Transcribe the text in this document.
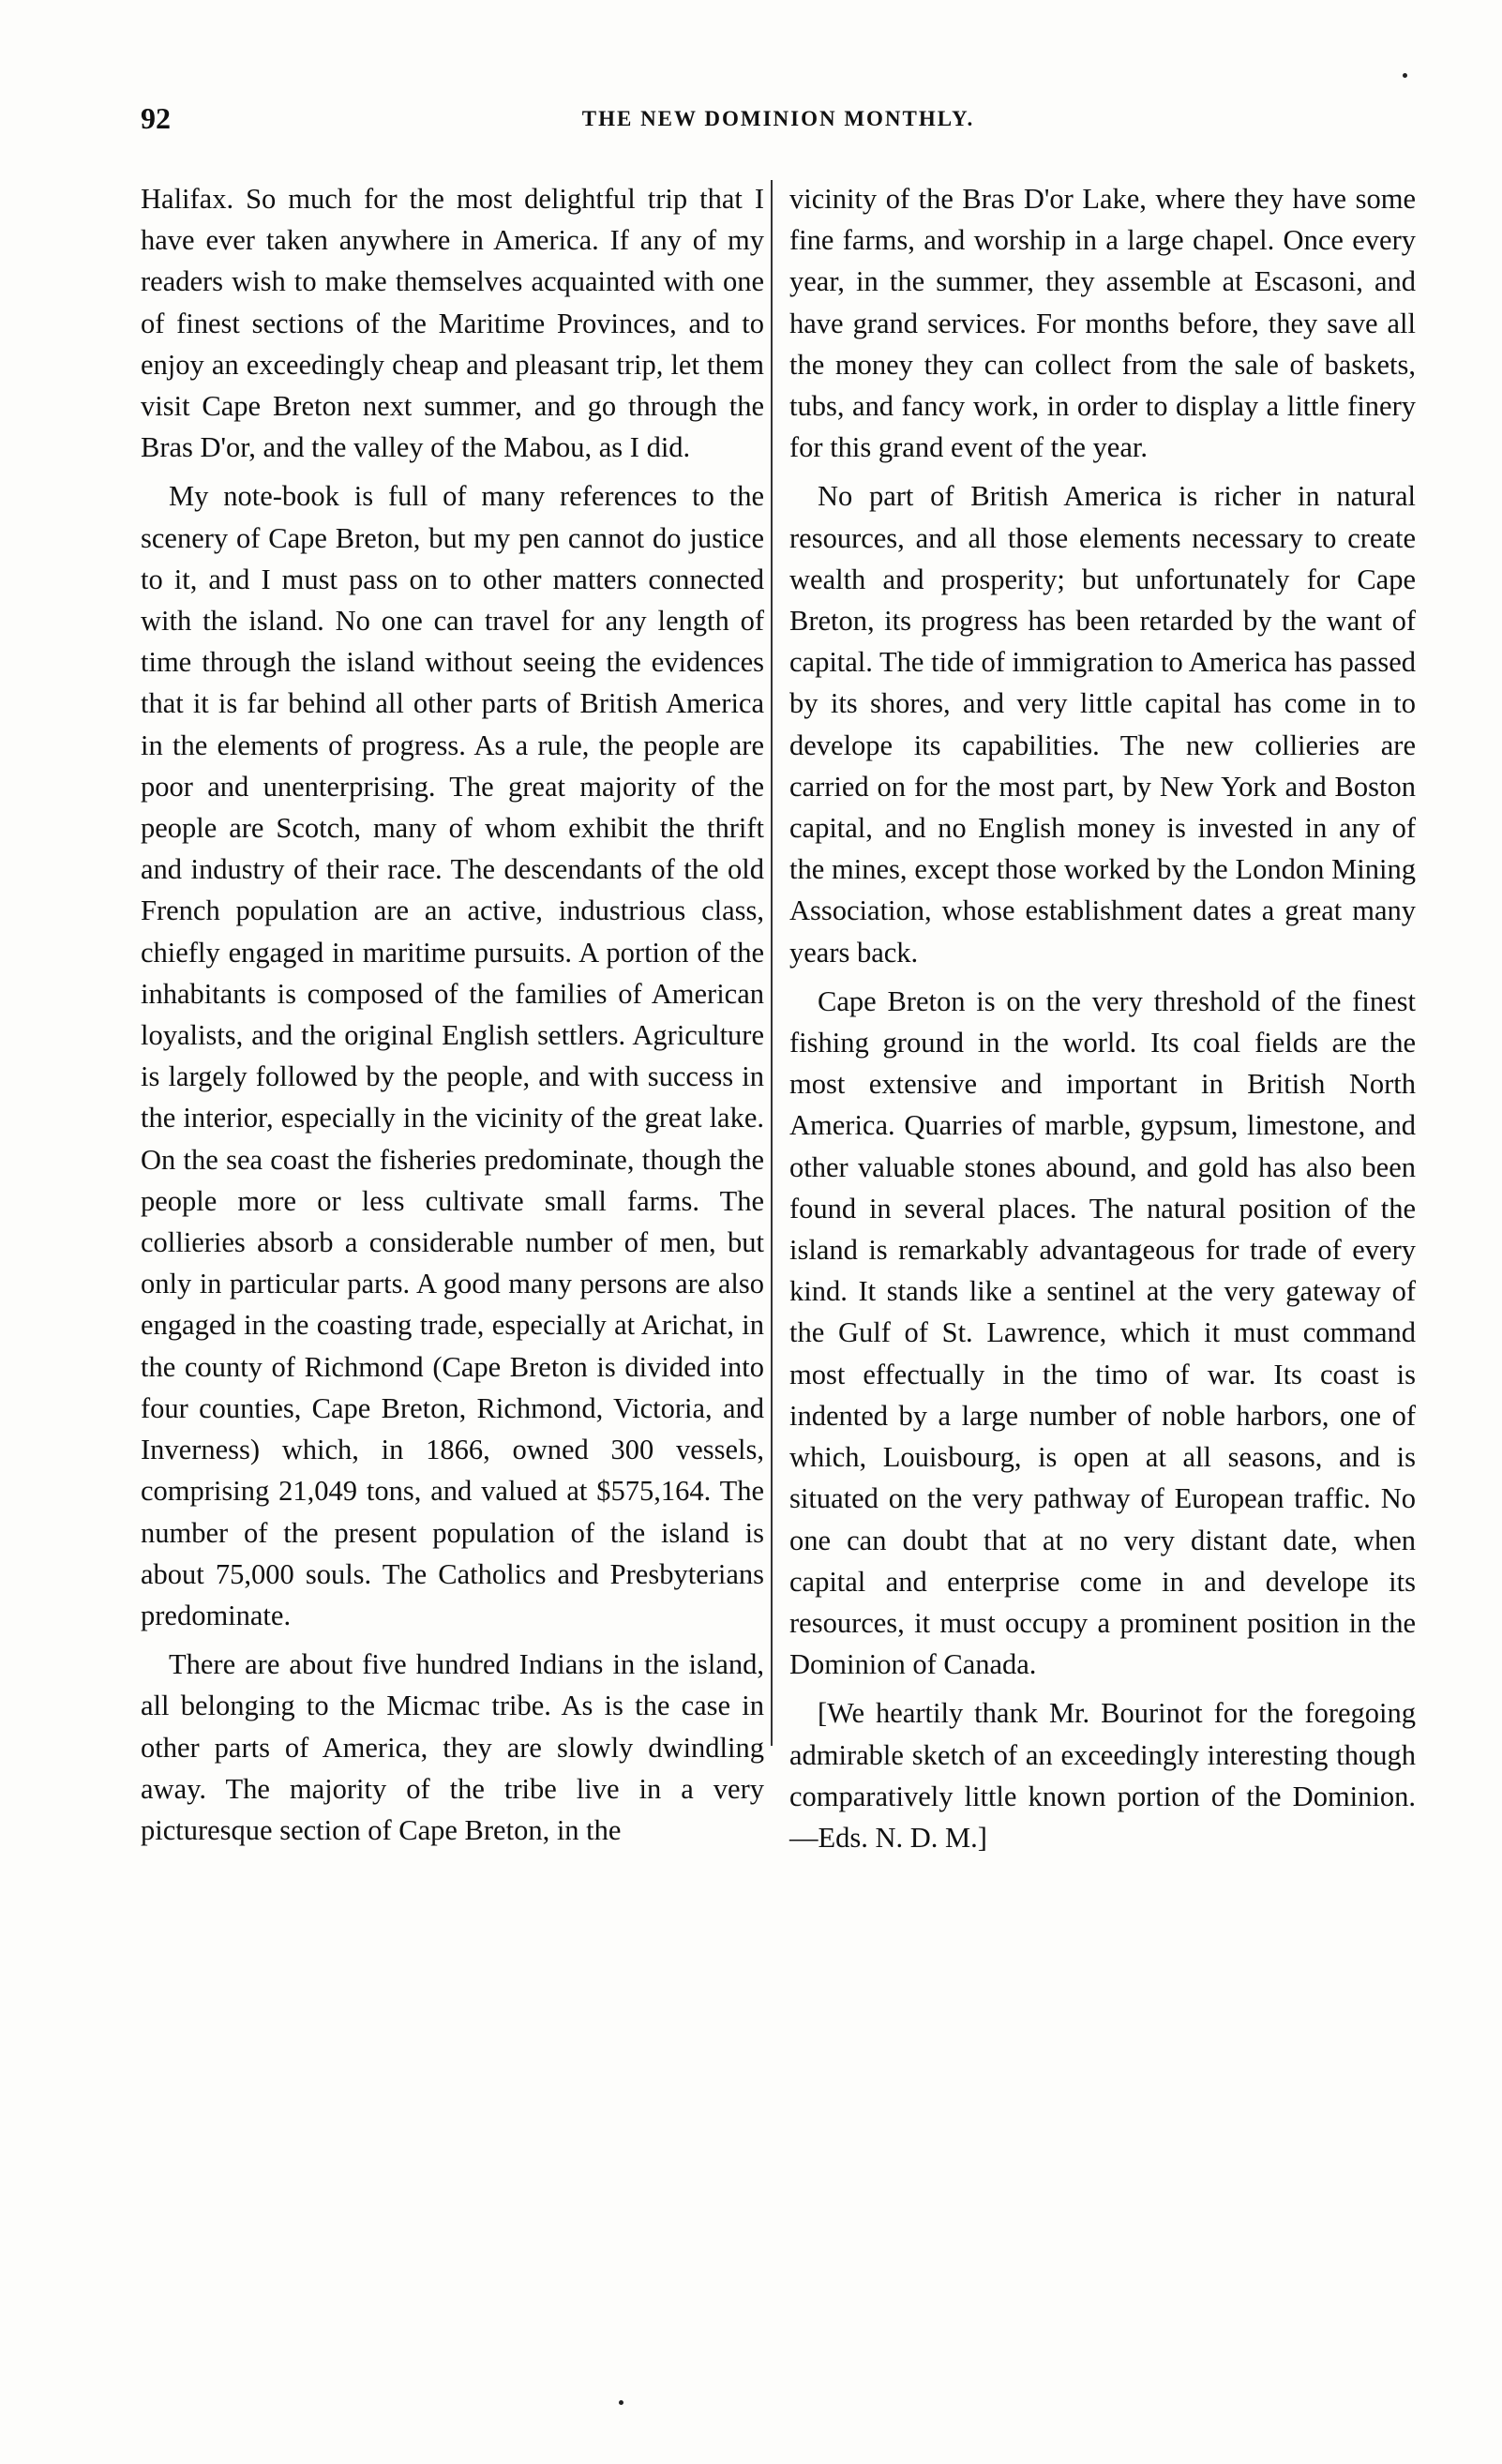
92	THE NEW DOMINION MONTHLY.

Halifax. So much for the most delightful trip that I have ever taken anywhere in America. If any of my readers wish to make themselves acquainted with one of finest sections of the Maritime Provinces, and to enjoy an exceedingly cheap and pleasant trip, let them visit Cape Breton next summer, and go through the Bras D'or, and the valley of the Mabou, as I did.

My note-book is full of many references to the scenery of Cape Breton, but my pen cannot do justice to it, and I must pass on to other matters connected with the island. No one can travel for any length of time through the island without seeing the evidences that it is far behind all other parts of British America in the elements of progress. As a rule, the people are poor and unenterprising. The great majority of the people are Scotch, many of whom exhibit the thrift and industry of their race. The descendants of the old French population are an active, industrious class, chiefly engaged in maritime pursuits. A portion of the inhabitants is composed of the families of American loyalists, and the original English settlers. Agriculture is largely followed by the people, and with success in the interior, especially in the vicinity of the great lake. On the sea coast the fisheries predominate, though the people more or less cultivate small farms. The collieries absorb a considerable number of men, but only in particular parts. A good many persons are also engaged in the coasting trade, especially at Arichat, in the county of Richmond (Cape Breton is divided into four counties, Cape Breton, Richmond, Victoria, and Inverness) which, in 1866, owned 300 vessels, comprising 21,049 tons, and valued at $575,164. The number of the present population of the island is about 75,000 souls. The Catholics and Presbyterians predominate.

There are about five hundred Indians in the island, all belonging to the Micmac tribe. As is the case in other parts of America, they are slowly dwindling away. The majority of the tribe live in a very picturesque section of Cape Breton, in the

vicinity of the Bras D'or Lake, where they have some fine farms, and worship in a large chapel. Once every year, in the summer, they assemble at Escasoni, and have grand services. For months before, they save all the money they can collect from the sale of baskets, tubs, and fancy work, in order to display a little finery for this grand event of the year.

No part of British America is richer in natural resources, and all those elements necessary to create wealth and prosperity; but unfortunately for Cape Breton, its progress has been retarded by the want of capital. The tide of immigration to America has passed by its shores, and very little capital has come in to develope its capabilities. The new collieries are carried on for the most part, by New York and Boston capital, and no English money is invested in any of the mines, except those worked by the London Mining Association, whose establishment dates a great many years back.

Cape Breton is on the very threshold of the finest fishing ground in the world. Its coal fields are the most extensive and important in British North America. Quarries of marble, gypsum, limestone, and other valuable stones abound, and gold has also been found in several places. The natural position of the island is remarkably advantageous for trade of every kind. It stands like a sentinel at the very gateway of the Gulf of St. Lawrence, which it must command most effectually in the timo of war. Its coast is indented by a large number of noble harbors, one of which, Louisbourg, is open at all seasons, and is situated on the very pathway of European traffic. No one can doubt that at no very distant date, when capital and enterprise come in and develope its resources, it must occupy a prominent position in the Dominion of Canada.

[We heartily thank Mr. Bourinot for the foregoing admirable sketch of an exceedingly interesting though comparatively little known portion of the Dominion.—Eds. N. D. M.]
